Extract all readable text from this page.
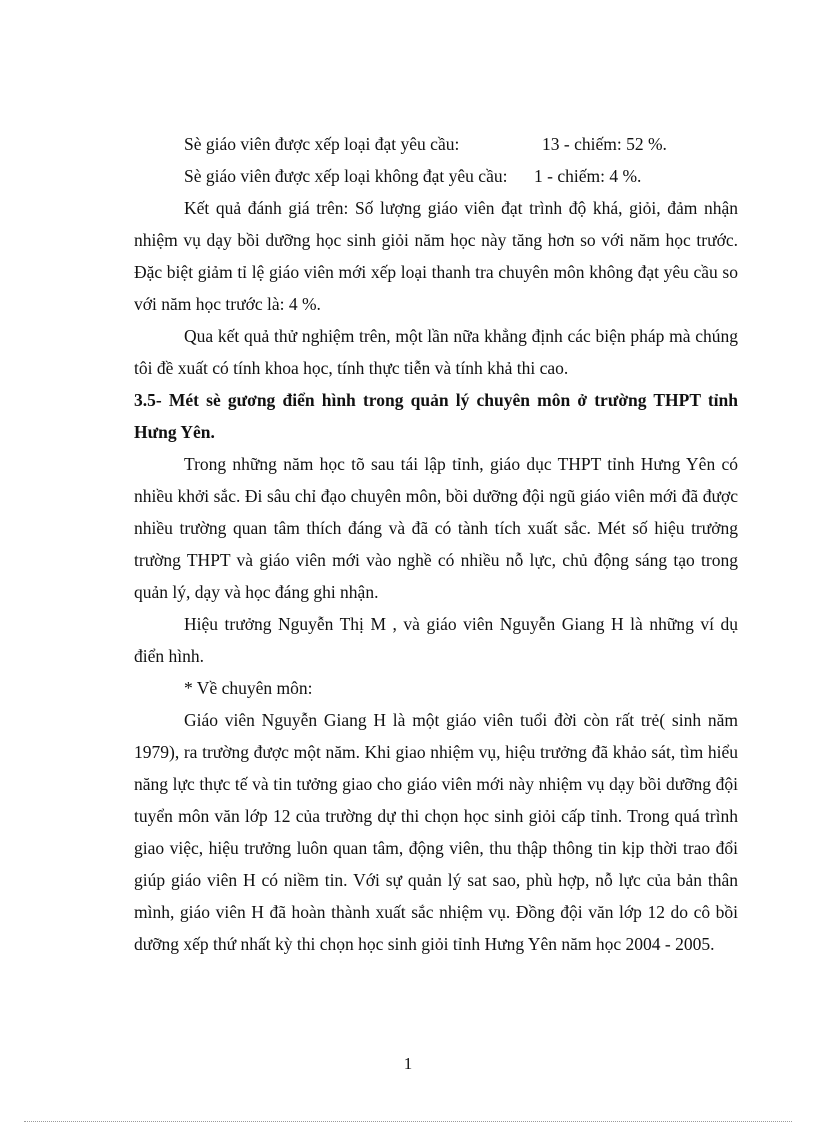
Sè giáo viên được xếp loại đạt yêu cầu:	13 - chiếm: 52 %.
Sè giáo viên được xếp loại không đạt yêu cầu:	1 - chiếm: 4 %.

Kết quả đánh giá trên: Số lượng giáo viên đạt trình độ khá, giỏi, đảm nhận nhiệm vụ dạy bồi dưỡng học sinh giỏi năm học này tăng hơn so với năm học trước. Đặc biệt giảm tỉ lệ giáo viên mới xếp loại thanh tra chuyên môn không đạt yêu cầu so với năm học trước là: 4 %.

Qua kết quả thử nghiệm trên, một lần nữa khẳng định các biện pháp mà chúng tôi đề xuất có tính khoa học, tính thực tiễn và tính khả thi cao.

3.5- Mét sè gương điển hình trong quản lý chuyên môn ở trường THPT tỉnh Hưng Yên.

Trong những năm học tõ sau tái lập tỉnh, giáo dục THPT tỉnh Hưng Yên có nhiều khởi sắc. Đi sâu chỉ đạo chuyên môn, bồi dưỡng đội ngũ giáo viên mới đã được nhiều trường quan tâm thích đáng và đã có tành tích xuất sắc. Mét số hiệu trưởng trường THPT và giáo viên mới vào nghề có nhiều nỗ lực, chủ động sáng tạo trong quản lý, dạy và học đáng ghi nhận.

Hiệu trưởng Nguyễn Thị M , và giáo viên Nguyễn Giang H là những ví dụ điển hình.

* Về chuyên môn:

Giáo viên Nguyễn Giang H là một giáo viên tuổi đời còn rất trẻ( sinh năm 1979), ra trường được một năm. Khi giao nhiệm vụ, hiệu trưởng đã khảo sát, tìm hiểu năng lực thực tế và tin tưởng giao cho giáo viên mới này nhiệm vụ dạy bồi dưỡng đội tuyển môn văn lớp 12 của trường dự thi chọn học sinh giỏi cấp tỉnh. Trong quá trình giao việc, hiệu trưởng luôn quan tâm, động viên, thu thập thông tin kịp thời trao đổi giúp giáo viên H có niềm tin. Với sự quản lý sat sao, phù hợp, nỗ lực của bản thân mình, giáo viên H đã hoàn thành xuất sắc nhiệm vụ. Đồng đội văn lớp 12 do cô bồi dưỡng xếp thứ nhất kỳ thi chọn học sinh giỏi tỉnh Hưng Yên năm học 2004 - 2005.

1
